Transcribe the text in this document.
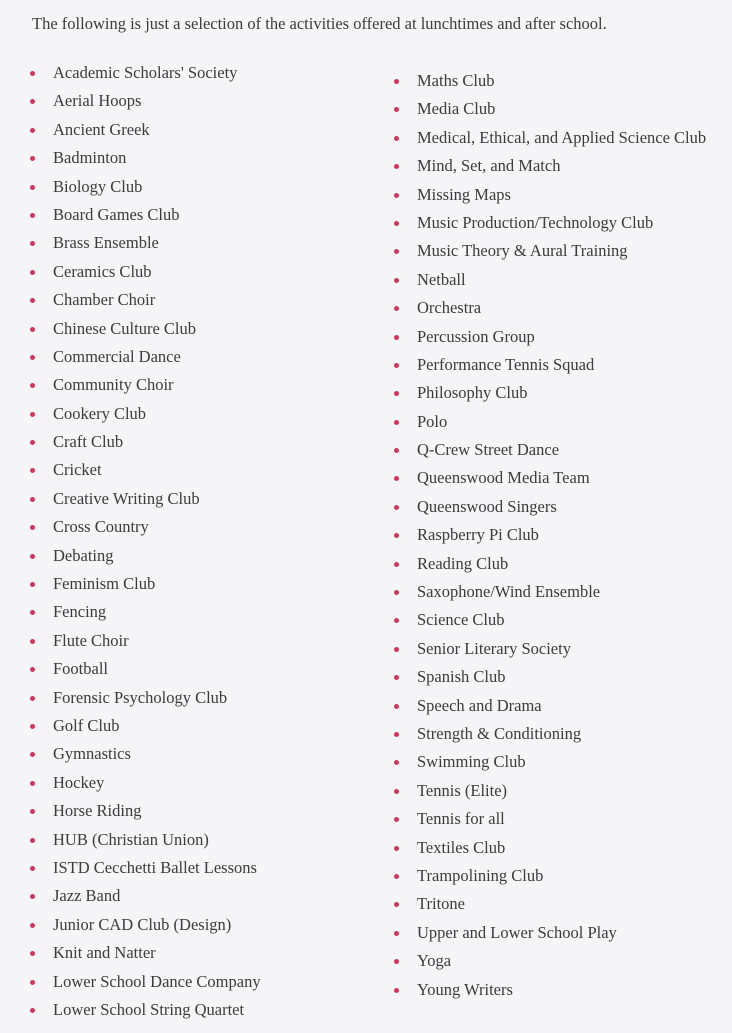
The following is just a selection of the activities offered at lunchtimes and after school.

Academic Scholars' Society
Aerial Hoops
Ancient Greek
Badminton
Biology Club
Board Games Club
Brass Ensemble
Ceramics Club
Chamber Choir
Chinese Culture Club
Commercial Dance
Community Choir
Cookery Club
Craft Club
Cricket
Creative Writing Club
Cross Country
Debating
Feminism Club
Fencing
Flute Choir
Football
Forensic Psychology Club
Golf Club
Gymnastics
Hockey
Horse Riding
HUB (Christian Union)
ISTD Cecchetti Ballet Lessons
Jazz Band
Junior CAD Club (Design)
Knit and Natter
Lower School Dance Company
Lower School String Quartet
Maths Club
Media Club
Medical, Ethical, and Applied Science Club
Mind, Set, and Match
Missing Maps
Music Production/Technology Club
Music Theory & Aural Training
Netball
Orchestra
Percussion Group
Performance Tennis Squad
Philosophy Club
Polo
Q-Crew Street Dance
Queenswood Media Team
Queenswood Singers
Raspberry Pi Club
Reading Club
Saxophone/Wind Ensemble
Science Club
Senior Literary Society
Spanish Club
Speech and Drama
Strength & Conditioning
Swimming Club
Tennis (Elite)
Tennis for all
Textiles Club
Trampolining Club
Tritone
Upper and Lower School Play
Yoga
Young Writers
